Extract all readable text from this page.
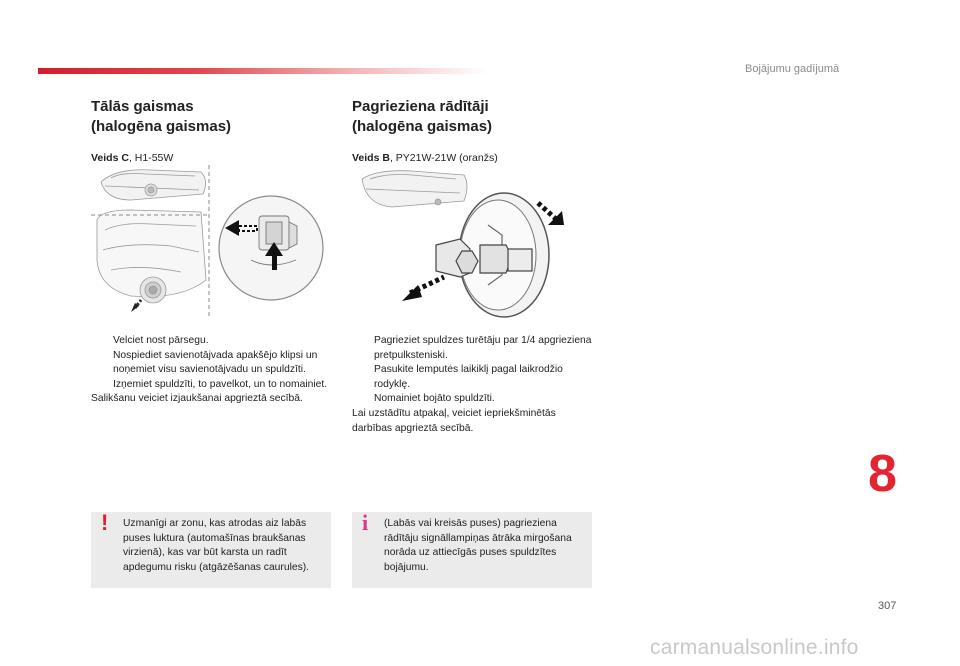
Bojājumu gadījumā
Tālās gaismas
(halogēna gaismas)
Veids C, H1-55W
Velciet nost pārsegu.
Nospiediet savienotājvada apakšējo klipsi un noņemiet visu savienotājvadu un spuldzīti.
Izņemiet spuldzīti, to pavelkot, un to nomainiet.
Salikšanu veiciet izjaukšanai apgrieztā secībā.
! Uzmanīgi ar zonu, kas atrodas aiz labās puses luktura (automašīnas braukšanas virzienā), kas var būt karsta un radīt apdegumu risku (atgāzēšanas caurules).
Pagrieziena rādītāji
(halogēna gaismas)
Veids B, PY21W-21W (oranžs)
Pagrieziet spuldzes turētāju par 1/4 apgrieziena pretpulksteniski.
Pasukite lemputės laikiklį pagal laikrodžio rodyklę.
Nomainiet bojāto spuldzīti.
Lai uzstādītu atpakaļ, veiciet iepriekšminētās darbības apgrieztā secībā.
i (Labās vai kreisās puses) pagrieziena rādītāju signāllampiņas ātrāka mirgošana norāda uz attiecīgās puses spuldzītes bojājumu.
8
307
carmanualsonline.info
